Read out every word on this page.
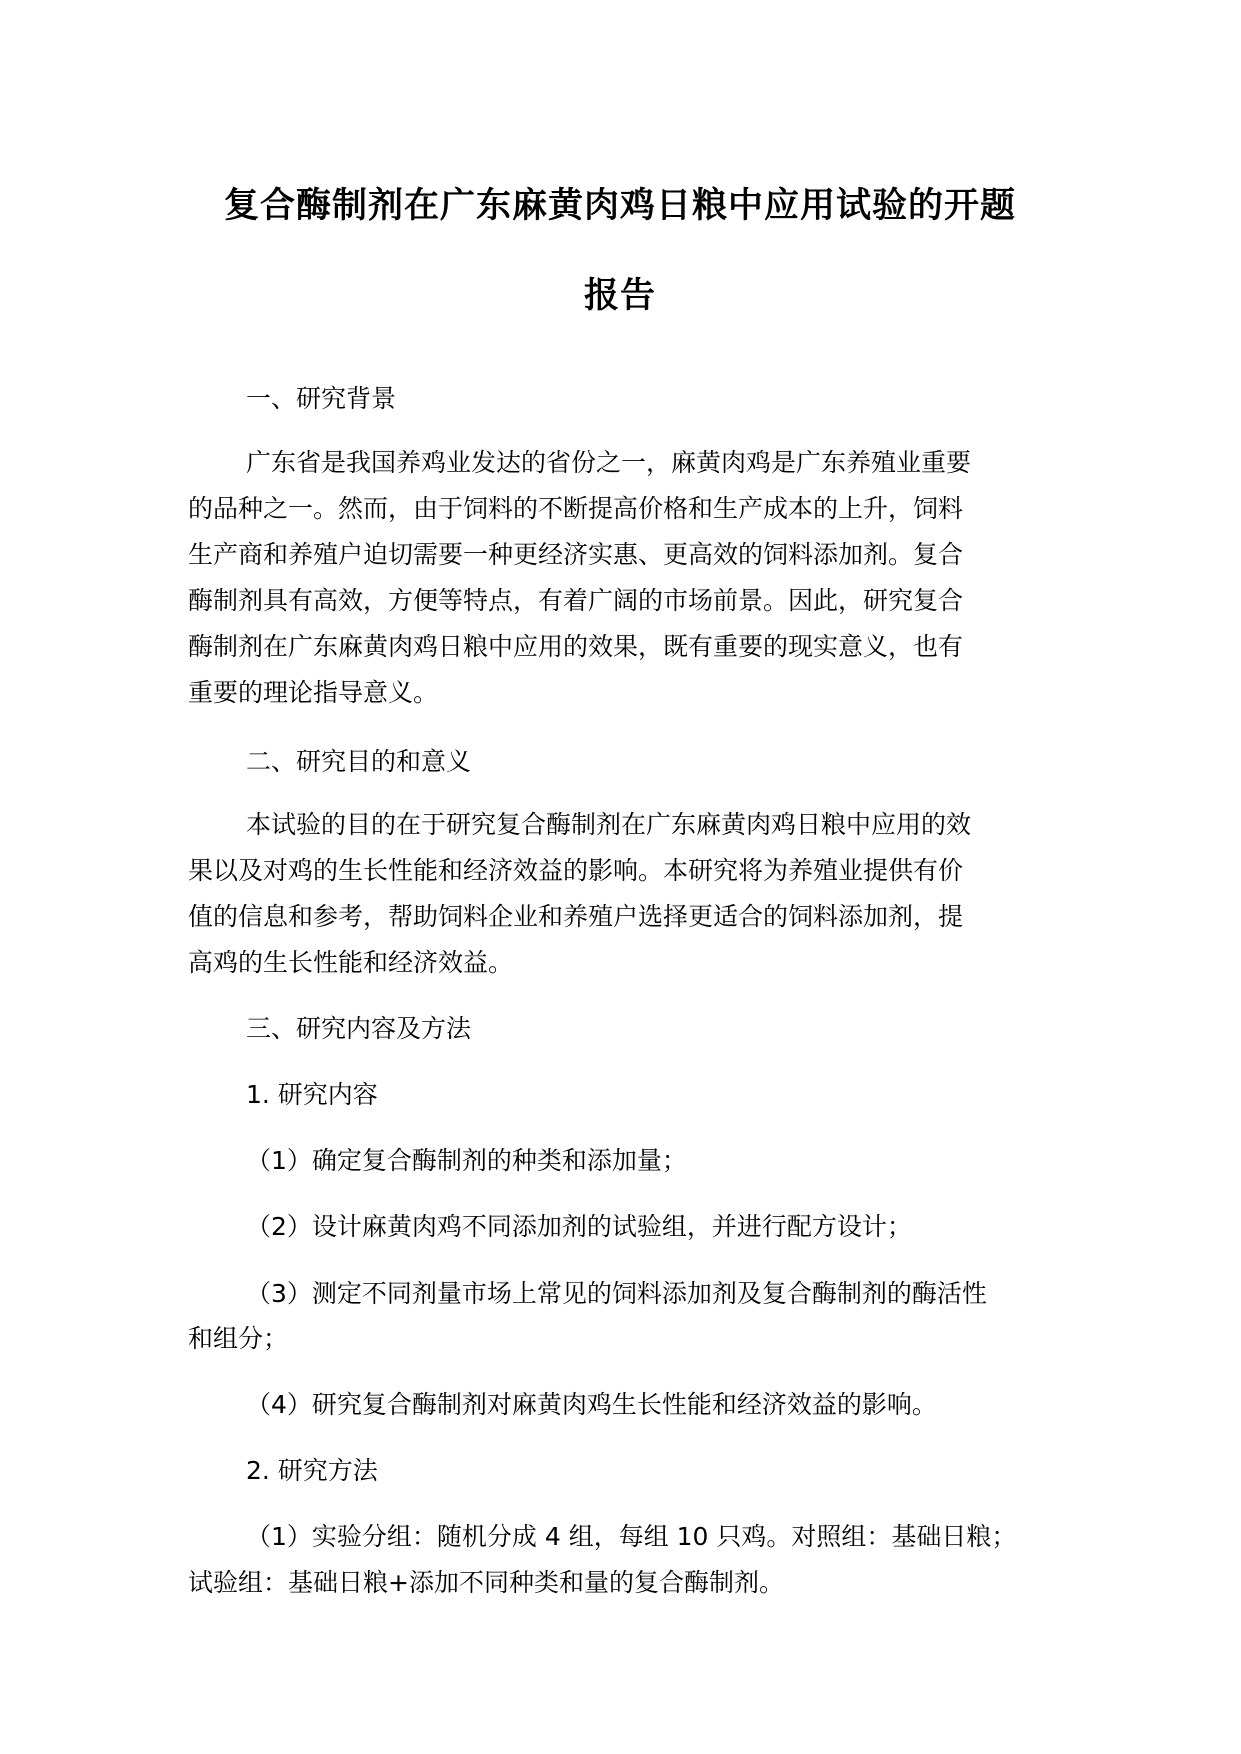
复合酶制剂在广东麻黄肉鸡日粮中应用试验的开题
报告
一、研究背景
广东省是我国养鸡业发达的省份之一，麻黄肉鸡是广东养殖业重要
的品种之一。然而，由于饲料的不断提高价格和生产成本的上升，饲料
生产商和养殖户迫切需要一种更经济实惠、更高效的饲料添加剂。复合
酶制剂具有高效，方便等特点，有着广阔的市场前景。因此，研究复合
酶制剂在广东麻黄肉鸡日粮中应用的效果，既有重要的现实意义，也有
重要的理论指导意义。
二、研究目的和意义
本试验的目的在于研究复合酶制剂在广东麻黄肉鸡日粮中应用的效
果以及对鸡的生长性能和经济效益的影响。本研究将为养殖业提供有价
值的信息和参考，帮助饲料企业和养殖户选择更适合的饲料添加剂，提
高鸡的生长性能和经济效益。
三、研究内容及方法
1. 研究内容
（1）确定复合酶制剂的种类和添加量；
（2）设计麻黄肉鸡不同添加剂的试验组，并进行配方设计；
（3）测定不同剂量市场上常见的饲料添加剂及复合酶制剂的酶活性
和组分；
（4）研究复合酶制剂对麻黄肉鸡生长性能和经济效益的影响。
2. 研究方法
（1）实验分组：随机分成 4 组，每组 10 只鸡。对照组：基础日粮；
试验组：基础日粮+添加不同种类和量的复合酶制剂。
